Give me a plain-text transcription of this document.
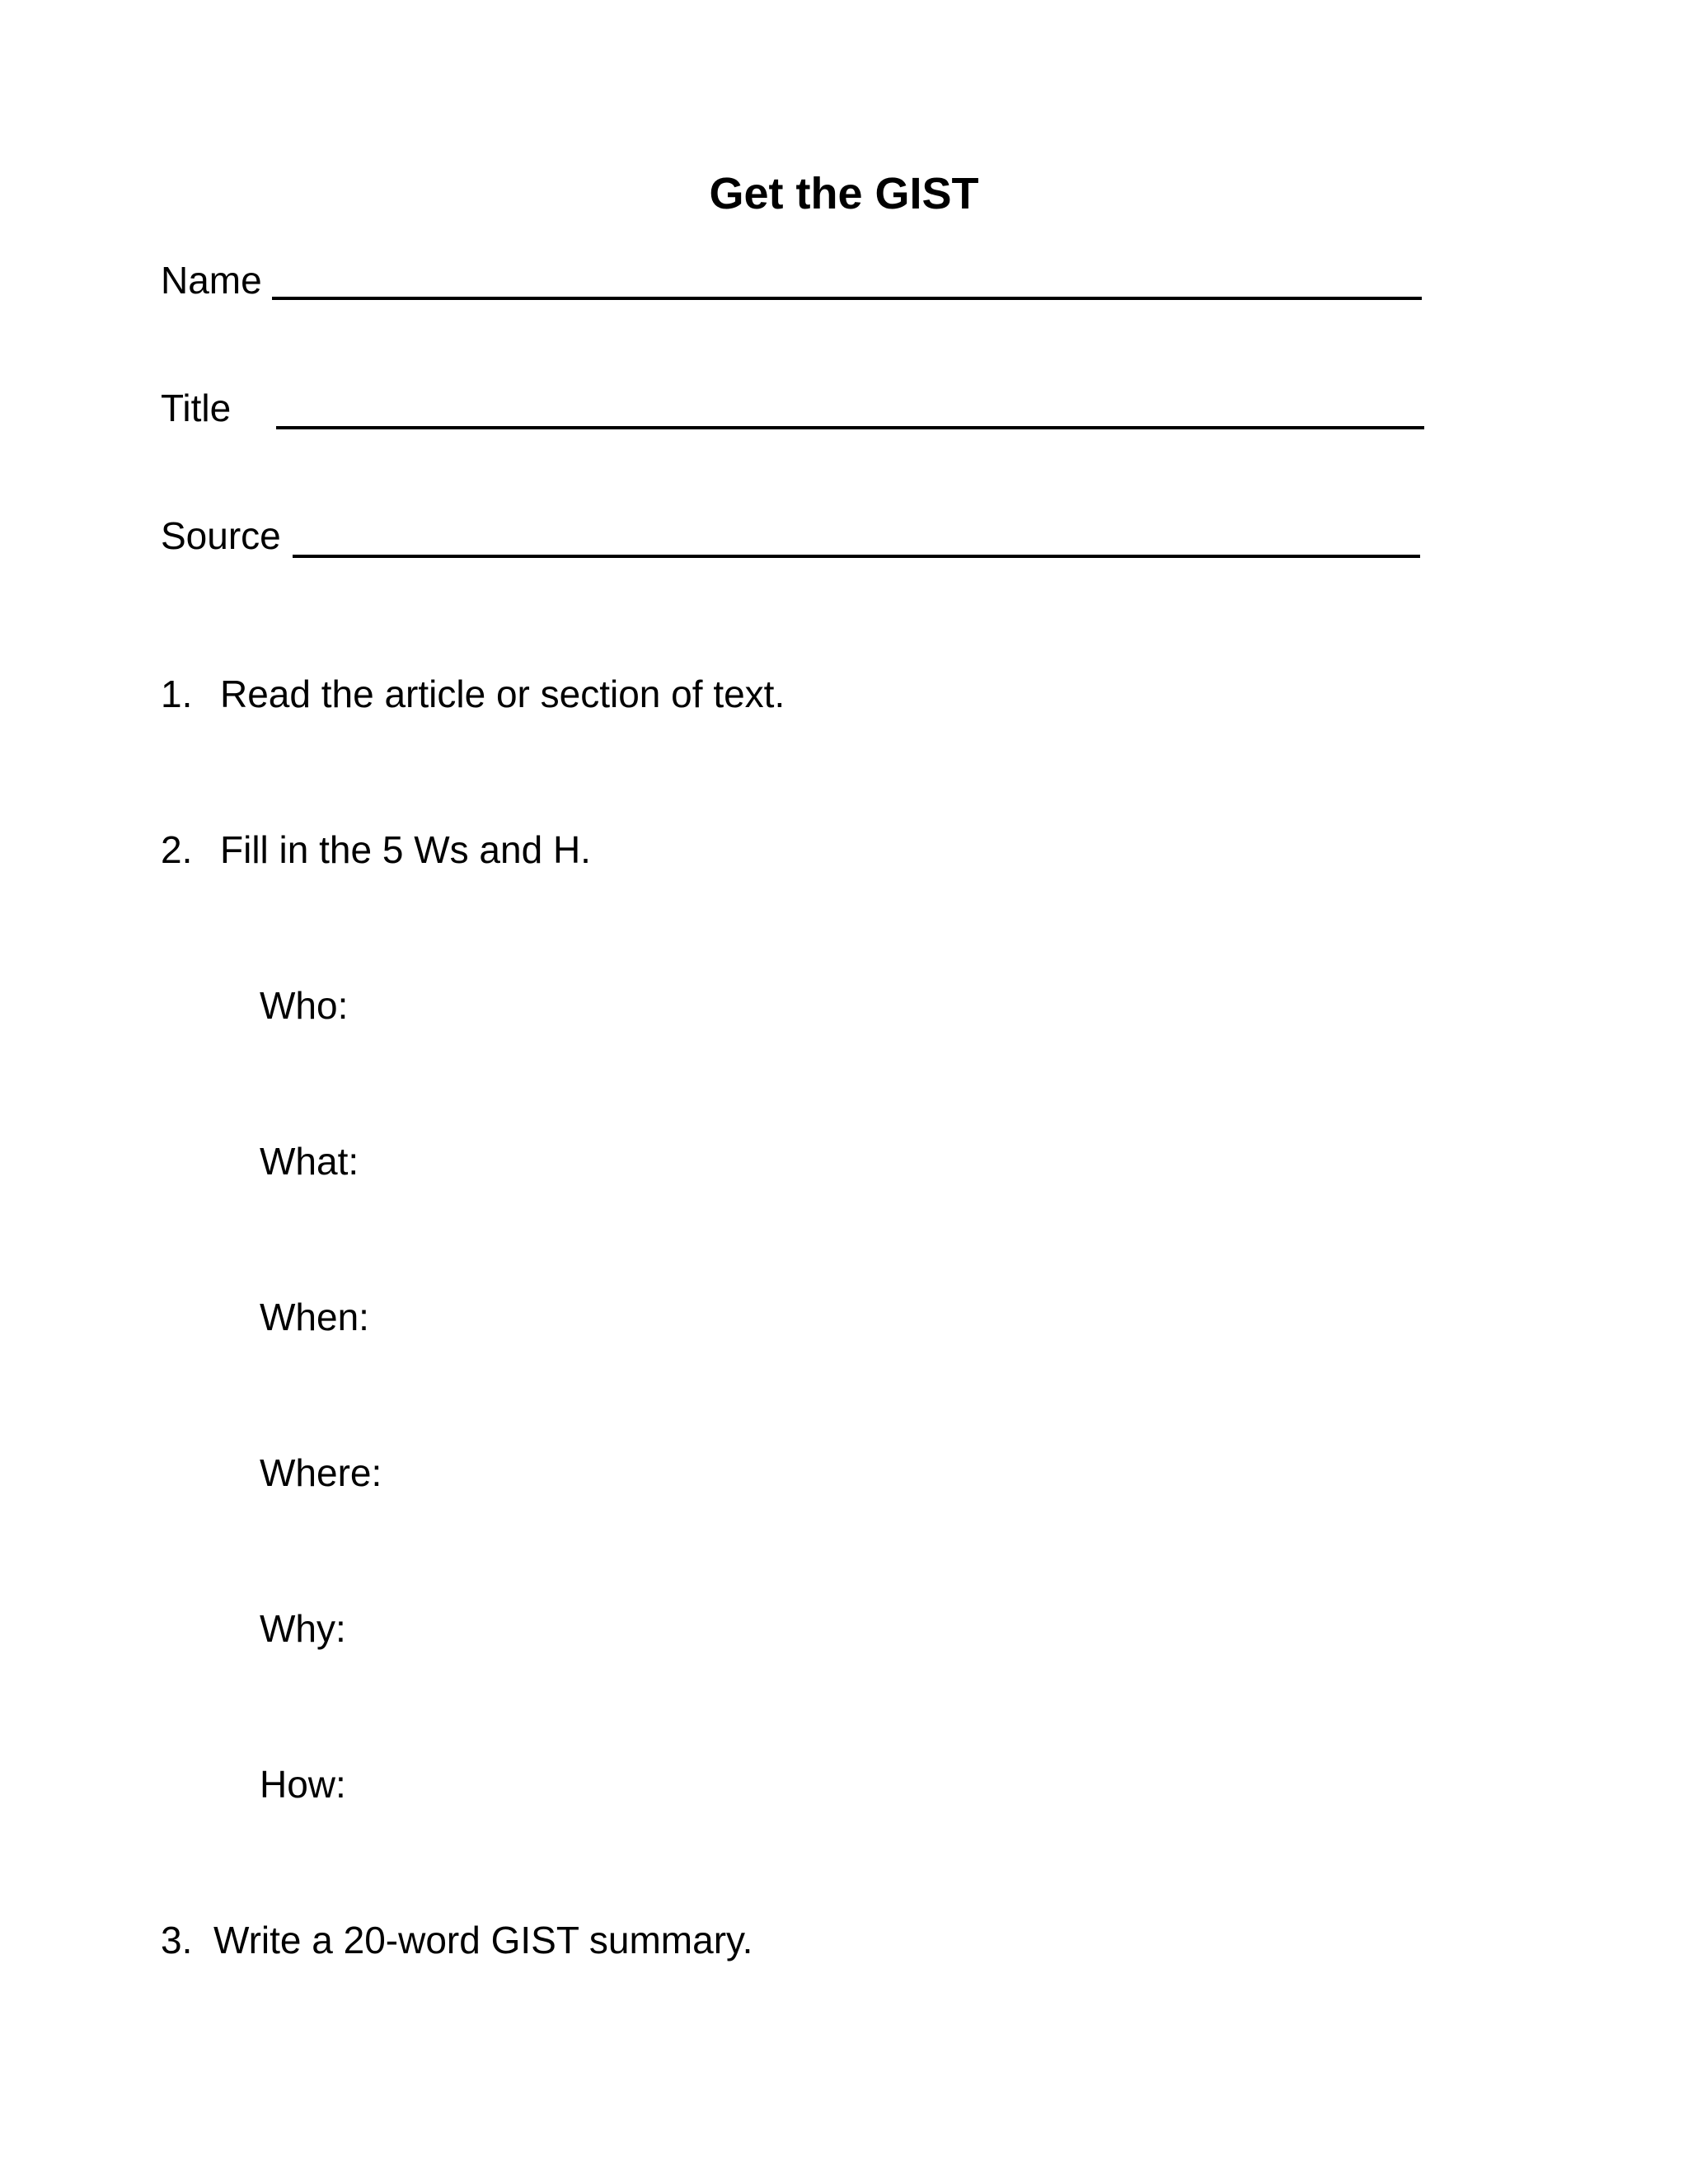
Get the GIST
Name
Title
Source
1. Read the article or section of text.
2. Fill in the 5 Ws and H.
Who:
What:
When:
Where:
Why:
How:
3. Write a 20-word GIST summary.
